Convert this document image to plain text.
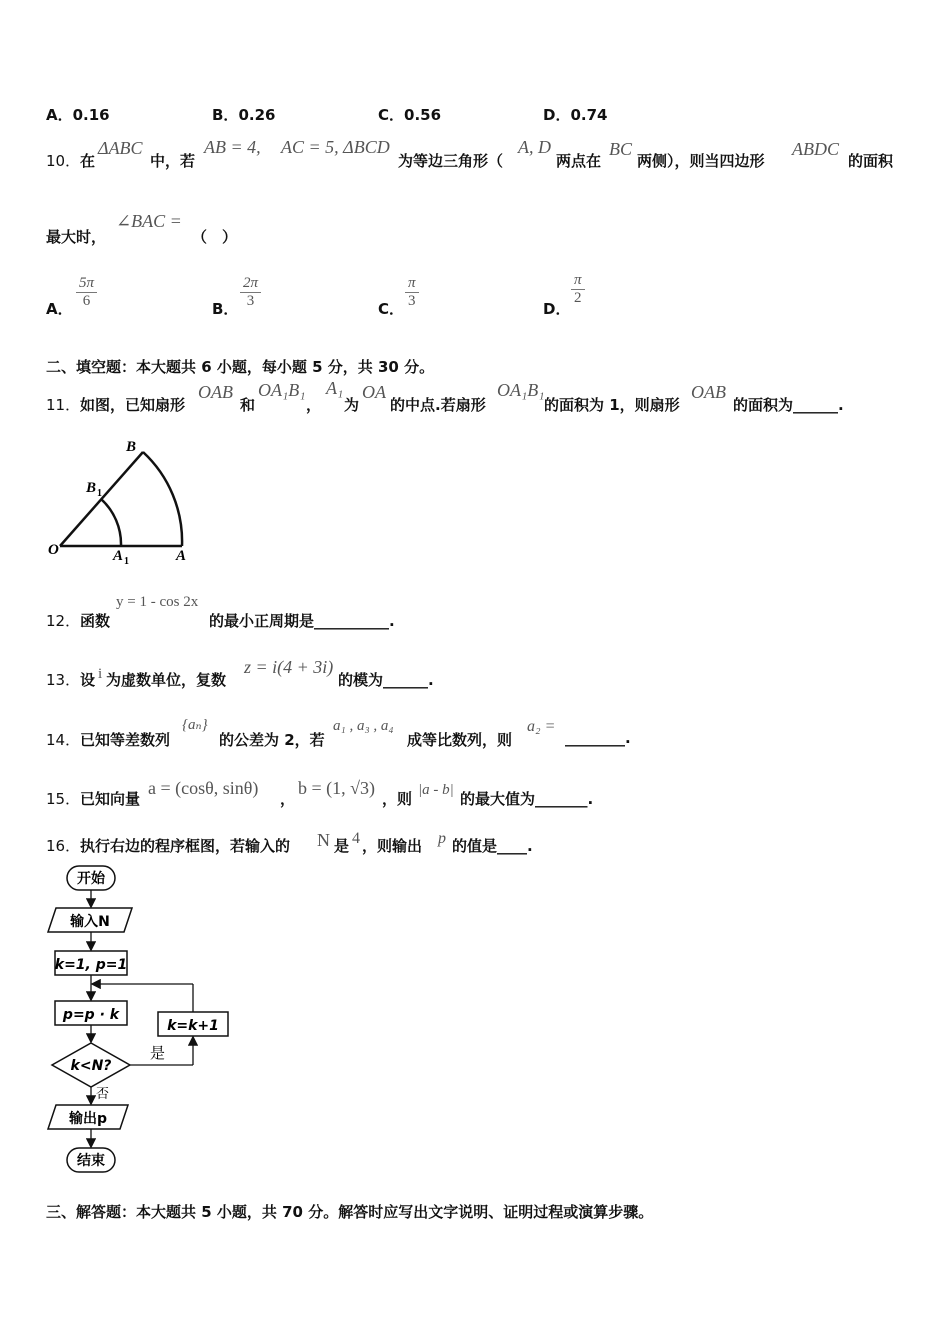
A．0.16	B．0.26	C．0.56	D．0.74
10． 在
ΔABC
中，若
AB = 4, AC = 5, ΔBCD
为等边三角形（
A, D
两点在
BC
两侧），则当四边形
ABDC
的面积
最大时，
∠BAC =
（　）
A． $\frac{5\pi}{6}$	B． $\frac{2\pi}{3}$	C． $\frac{\pi}{3}$	D．
$\frac{\pi}{2}$
二、填空题：本大题共 6 小题，每小题 5 分，共 30 分。
11． 如图，已知扇形
OAB
和
OA₁B₁
，
A₁
为
OA
的中点.若扇形
OA₁B₁
的面积为 1，则扇形
OAB
的面积为______.
O	A
A 1
B
B 1
12． 函数
y = 1 - cos 2x
的最小正周期是__________.
13． 设 i 为虚数单位，复数
z = i(4 + 3i)
的模为______.
14． 已知等差数列
{aₙ}
的公差为 2，若
a₁ , a₃ , a₄
成等比数列，则
a₂ =
________.
15． 已知向量
a = (cosθ, sinθ)
，
b = (1, √3)
，则 |a - b| 的最大值为_______.
16． 执行右边的程序框图，若输入的 N 是 4 ，则输出 p 的值是____.
开始
输入N
k=1, p=1
p=p · k
k<N?
是
k=k+1
否
输出p
结束
三、解答题：本大题共 5 小题，共 70 分。解答时应写出文字说明、证明过程或演算步骤。
